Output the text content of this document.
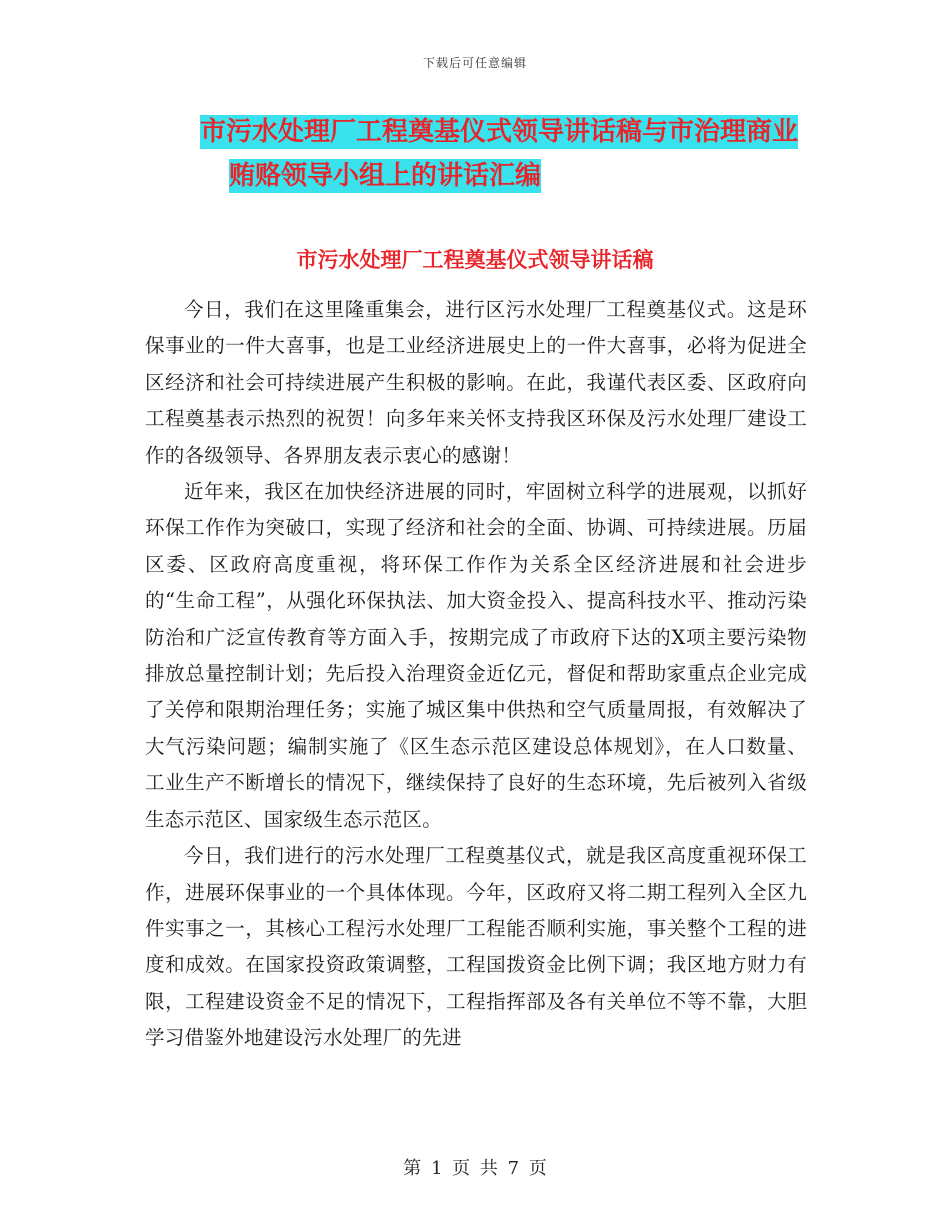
下载后可任意编辑
市污水处理厂工程奠基仪式领导讲话稿与市治理商业
贿赂领导小组上的讲话汇编
市污水处理厂工程奠基仪式领导讲话稿

今日，我们在这里隆重集会，进行区污水处理厂工程奠基仪式。这是环保事业的一件大喜事，也是工业经济进展史上的一件大喜事，必将为促进全区经济和社会可持续进展产生积极的影响。在此，我谨代表区委、区政府向工程奠基表示热烈的祝贺！向多年来关怀支持我区环保及污水处理厂建设工作的各级领导、各界朋友表示衷心的感谢！

近年来，我区在加快经济进展的同时，牢固树立科学的进展观，以抓好环保工作作为突破口，实现了经济和社会的全面、协调、可持续进展。历届区委、区政府高度重视，将环保工作作为关系全区经济进展和社会进步的“生命工程”，从强化环保执法、加大资金投入、提高科技水平、推动污染防治和广泛宣传教育等方面入手，按期完成了市政府下达的X项主要污染物排放总量控制计划；先后投入治理资金近亿元，督促和帮助家重点企业完成了关停和限期治理任务；实施了城区集中供热和空气质量周报，有效解决了大气污染问题；编制实施了《区生态示范区建设总体规划》，在人口数量、工业生产不断增长的情况下，继续保持了良好的生态环境，先后被列入省级生态示范区、国家级生态示范区。

今日，我们进行的污水处理厂工程奠基仪式，就是我区高度重视环保工作，进展环保事业的一个具体体现。今年，区政府又将二期工程列入全区九件实事之一，其核心工程污水处理厂工程能否顺利实施，事关整个工程的进度和成效。在国家投资政策调整，工程国拨资金比例下调；我区地方财力有限，工程建设资金不足的情况下，工程指挥部及各有关单位不等不靠，大胆学习借鉴外地建设污水处理厂的先进

第 1 页 共 7 页
